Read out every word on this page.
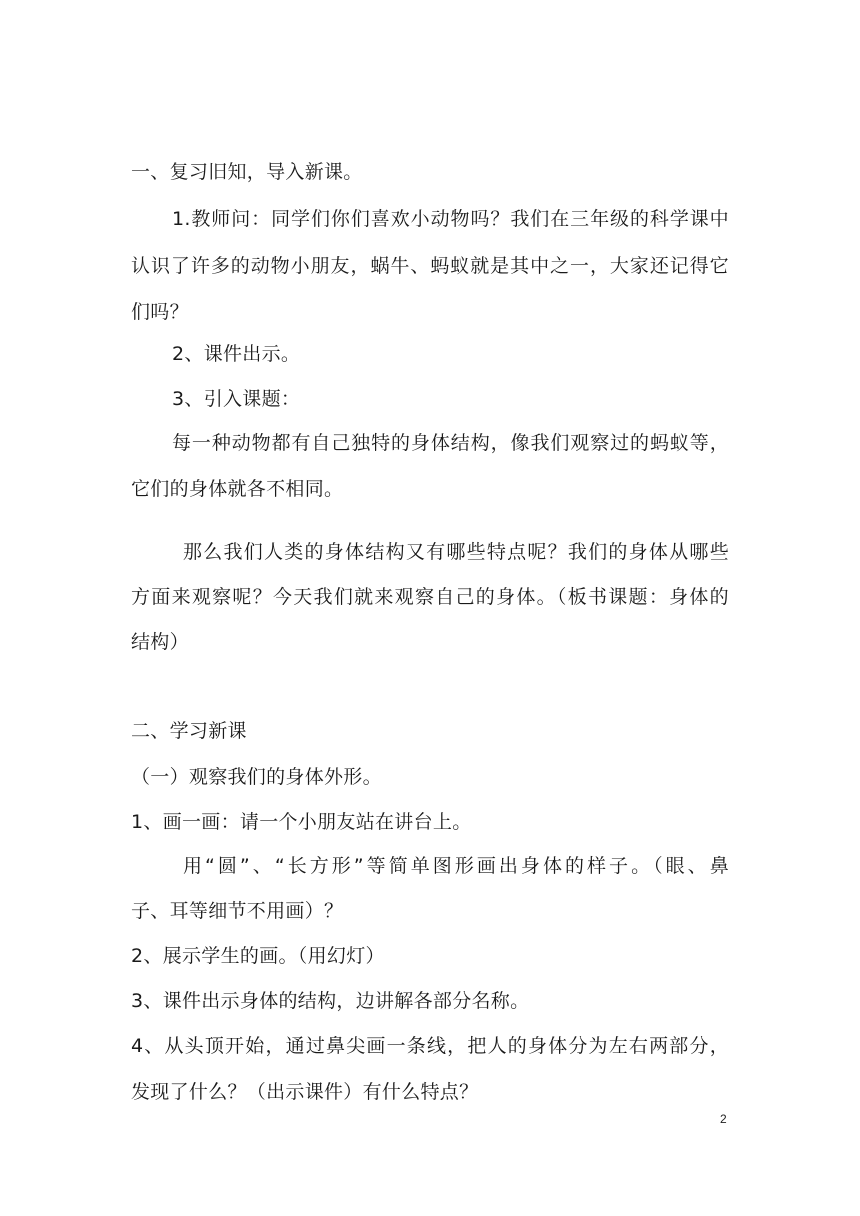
一、复习旧知，导入新课。
1.教师问：同学们你们喜欢小动物吗？我们在三年级的科学课中
认识了许多的动物小朋友，蜗牛、蚂蚁就是其中之一，大家还记得它
们吗？
2、课件出示。
3、引入课题：
每一种动物都有自己独特的身体结构，像我们观察过的蚂蚁等，
它们的身体就各不相同。
那么我们人类的身体结构又有哪些特点呢？我们的身体从哪些
方面来观察呢？今天我们就来观察自己的身体。（板书课题：身体的
结构）
二、学习新课
（一）观察我们的身体外形。
1、画一画：请一个小朋友站在讲台上。
用“圆”、“长方形”等简单图形画出身体的样子。（眼、鼻
子、耳等细节不用画）？
2、展示学生的画。（用幻灯）
3、课件出示身体的结构，边讲解各部分名称。
4、从头顶开始，通过鼻尖画一条线，把人的身体分为左右两部分，
发现了什么？（出示课件）有什么特点？
2
